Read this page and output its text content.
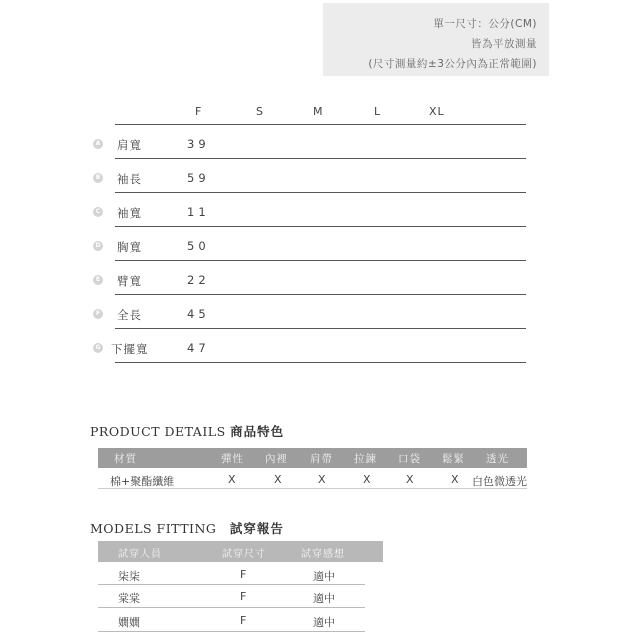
單一尺寸：公分(CM)
皆為平放測量
(尺寸測量約±3公分內為正常範圍)
F	S	M	L	XL
A 肩寬	39
B 袖長	59
C 袖寬	11
D 胸寬	50
E 臂寬	22
F 全長	45
G 下擺寬	47
PRODUCT DETAILS 商品特色
材質	彈性 內裡 肩帶 拉鍊 口袋 鬆緊 透光
棉+聚酯纖維	X	X	X	X	X	X 白色微透光
MODELS FITTING 試穿報告
試穿人員	試穿尺寸	試穿感想
柒柒	F	適中
棠棠	F	適中
嫺嫺	F	適中
